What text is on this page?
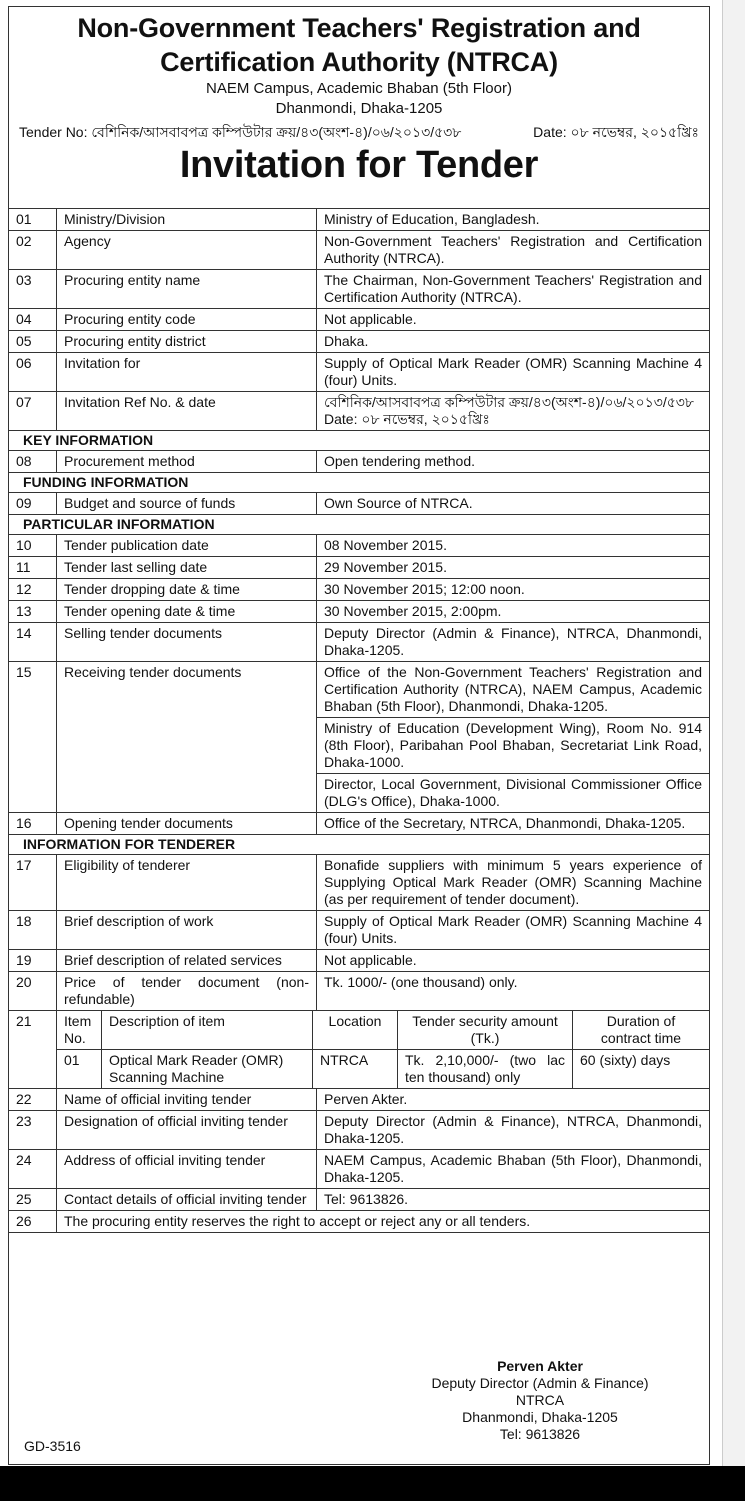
Non-Government Teachers' Registration and
Certification Authority (NTRCA)
NAEM Campus, Academic Bhaban (5th Floor)
Dhanmondi, Dhaka-1205
Tender No: বেশিনিক/আসবাবপত্র কম্পিউটার ক্রয়/৪৩(অংশ-৪)/০৬/২০১৩/৫৩৮	Date: ০৮ নভেম্বর, ২০১৫খ্রিঃ
Invitation for Tender
01	Ministry/Division	Ministry of Education, Bangladesh.
02	Agency	Non-Government Teachers' Registration and Certification Authority (NTRCA).
03	Procuring entity name	The Chairman, Non-Government Teachers' Registration and Certification Authority (NTRCA).
04	Procuring entity code	Not applicable.
05	Procuring entity district	Dhaka.
06	Invitation for	Supply of Optical Mark Reader (OMR) Scanning Machine 4 (four) Units.
07	Invitation Ref No. & date	বেশিনিক/আসবাবপত্র কম্পিউটার ক্রয়/৪৩(অংশ-৪)/০৬/২০১৩/৫৩৮
Date: ০৮ নভেম্বর, ২০১৫খ্রিঃ

KEY INFORMATION
08	Procurement method	Open tendering method.
FUNDING INFORMATION
09	Budget and source of funds	Own Source of NTRCA.
PARTICULAR INFORMATION
10	Tender publication date	08 November 2015.
11	Tender last selling date	29 November 2015.
12	Tender dropping date & time	30 November 2015; 12:00 noon.
13	Tender opening date & time	30 November 2015, 2:00pm.
14	Selling tender documents	Deputy Director (Admin & Finance), NTRCA, Dhanmondi, Dhaka-1205.
15	Receiving tender documents	Office of the Non-Government Teachers' Registration and Certification Authority (NTRCA), NAEM Campus, Academic Bhaban (5th Floor), Dhanmondi, Dhaka-1205.
Ministry of Education (Development Wing), Room No. 914 (8th Floor), Paribahan Pool Bhaban, Secretariat Link Road, Dhaka-1000.
Director, Local Government, Divisional Commissioner Office (DLG's Office), Dhaka-1000.
16	Opening tender documents	Office of the Secretary, NTRCA, Dhanmondi, Dhaka-1205.
INFORMATION FOR TENDERER
17	Eligibility of tenderer	Bonafide suppliers with minimum 5 years experience of Supplying Optical Mark Reader (OMR) Scanning Machine (as per requirement of tender document).
18	Brief description of work	Supply of Optical Mark Reader (OMR) Scanning Machine 4 (four) Units.
19	Brief description of related services	Not applicable.
20	Price of tender document (non-refundable)	Tk. 1000/- (one thousand) only.
21	Item No.	Description of item	Location	Tender security amount (Tk.)	Duration of contract time
01	Optical Mark Reader (OMR) Scanning Machine	NTRCA	Tk. 2,10,000/- (two lac ten thousand) only	60 (sixty) days

22	Name of official inviting tender	Perven Akter.
23	Designation of official inviting tender	Deputy Director (Admin & Finance), NTRCA, Dhanmondi, Dhaka-1205.
24	Address of official inviting tender	NAEM Campus, Academic Bhaban (5th Floor), Dhanmondi, Dhaka-1205.
25	Contact details of official inviting tender	Tel: 9613826.
26	The procuring entity reserves the right to accept or reject any or all tenders.
Perven Akter
Deputy Director (Admin & Finance)
NTRCA
Dhanmondi, Dhaka-1205
Tel: 9613826
GD-3516
